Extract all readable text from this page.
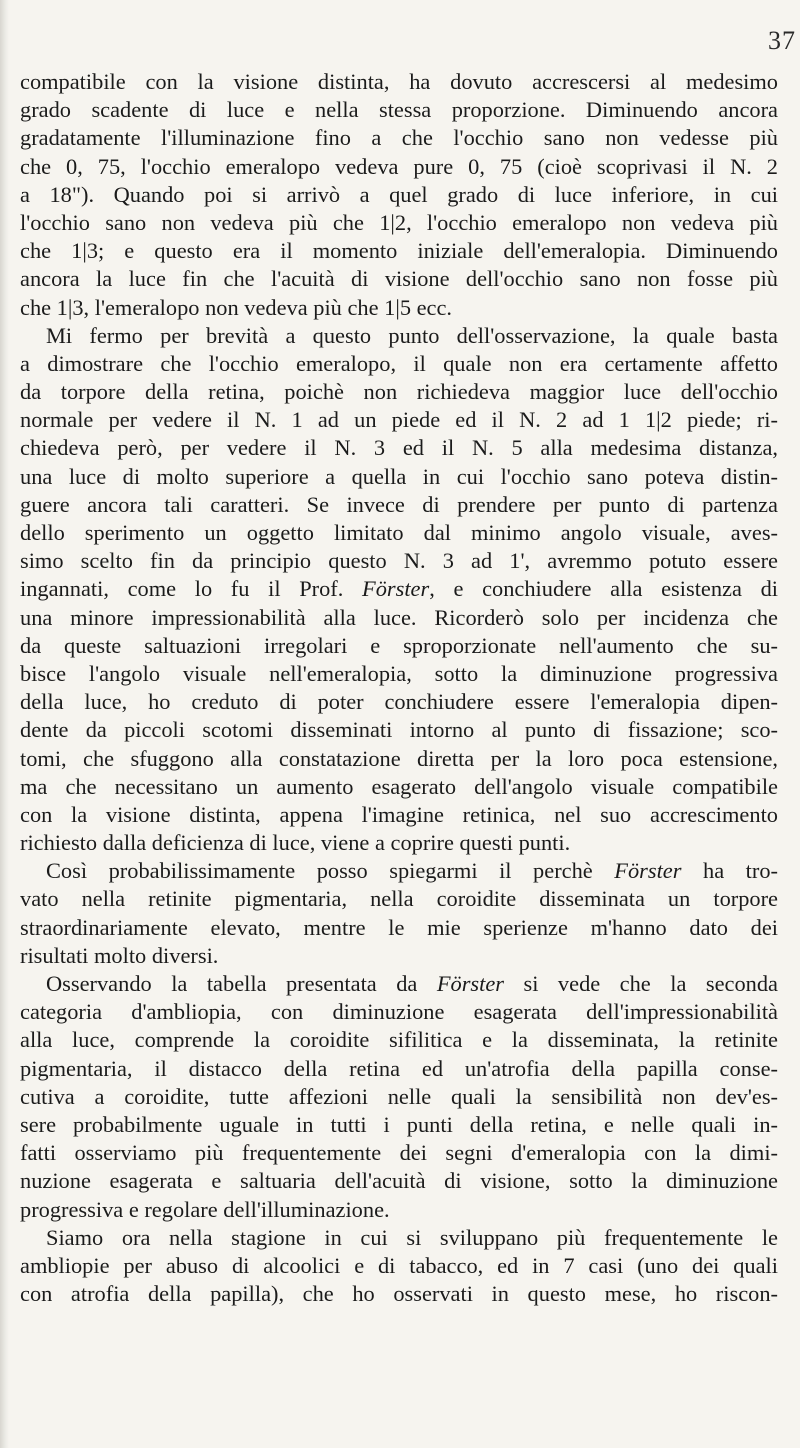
37
compatibile con la visione distinta, ha dovuto accrescersi al medesimo
grado scadente di luce e nella stessa proporzione. Diminuendo ancora
gradatamente l'illuminazione fino a che l'occhio sano non vedesse più
che 0, 75, l'occhio emeralopo vedeva pure 0, 75 (cioè scoprivasi il N. 2
a 18"). Quando poi si arrivò a quel grado di luce inferiore, in cui
l'occhio sano non vedeva più che 1|2, l'occhio emeralopo non vedeva più
che 1|3; e questo era il momento iniziale dell'emeralopia. Diminuendo
ancora la luce fin che l'acuità di visione dell'occhio sano non fosse più
che 1|3, l'emeralopo non vedeva più che 1|5 ecc.
Mi fermo per brevità a questo punto dell'osservazione, la quale basta
a dimostrare che l'occhio emeralopo, il quale non era certamente affetto
da torpore della retina, poichè non richiedeva maggior luce dell'occhio
normale per vedere il N. 1 ad un piede ed il N. 2 ad 1 1|2 piede; ri-
chiedeva però, per vedere il N. 3 ed il N. 5 alla medesima distanza,
una luce di molto superiore a quella in cui l'occhio sano poteva distin-
guere ancora tali caratteri. Se invece di prendere per punto di partenza
dello sperimento un oggetto limitato dal minimo angolo visuale, aves-
simo scelto fin da principio questo N. 3 ad 1', avremmo potuto essere
ingannati, come lo fu il Prof. Förster, e conchiudere alla esistenza di
una minore impressionabilità alla luce. Ricorderò solo per incidenza che
da queste saltuazioni irregolari e sproporzionate nell'aumento che su-
bisce l'angolo visuale nell'emeralopia, sotto la diminuzione progressiva
della luce, ho creduto di poter conchiudere essere l'emeralopia dipen-
dente da piccoli scotomi disseminati intorno al punto di fissazione; sco-
tomi, che sfuggono alla constatazione diretta per la loro poca estensione,
ma che necessitano un aumento esagerato dell'angolo visuale compatibile
con la visione distinta, appena l'imagine retinica, nel suo accrescimento
richiesto dalla deficienza di luce, viene a coprire questi punti.
Così probabilissimamente posso spiegarmi il perchè Förster ha tro-
vato nella retinite pigmentaria, nella coroidite disseminata un torpore
straordinariamente elevato, mentre le mie sperienze m'hanno dato dei
risultati molto diversi.
Osservando la tabella presentata da Förster si vede che la seconda
categoria d'ambliopia, con diminuzione esagerata dell'impressionabilità
alla luce, comprende la coroidite sifilitica e la disseminata, la retinite
pigmentaria, il distacco della retina ed un'atrofia della papilla conse-
cutiva a coroidite, tutte affezioni nelle quali la sensibilità non dev'es-
sere probabilmente uguale in tutti i punti della retina, e nelle quali in-
fatti osserviamo più frequentemente dei segni d'emeralopia con la dimi-
nuzione esagerata e saltuaria dell'acuità di visione, sotto la diminuzione
progressiva e regolare dell'illuminazione.
Siamo ora nella stagione in cui si sviluppano più frequentemente le
ambliopie per abuso di alcoolici e di tabacco, ed in 7 casi (uno dei quali
con atrofia della papilla), che ho osservati in questo mese, ho riscon-
